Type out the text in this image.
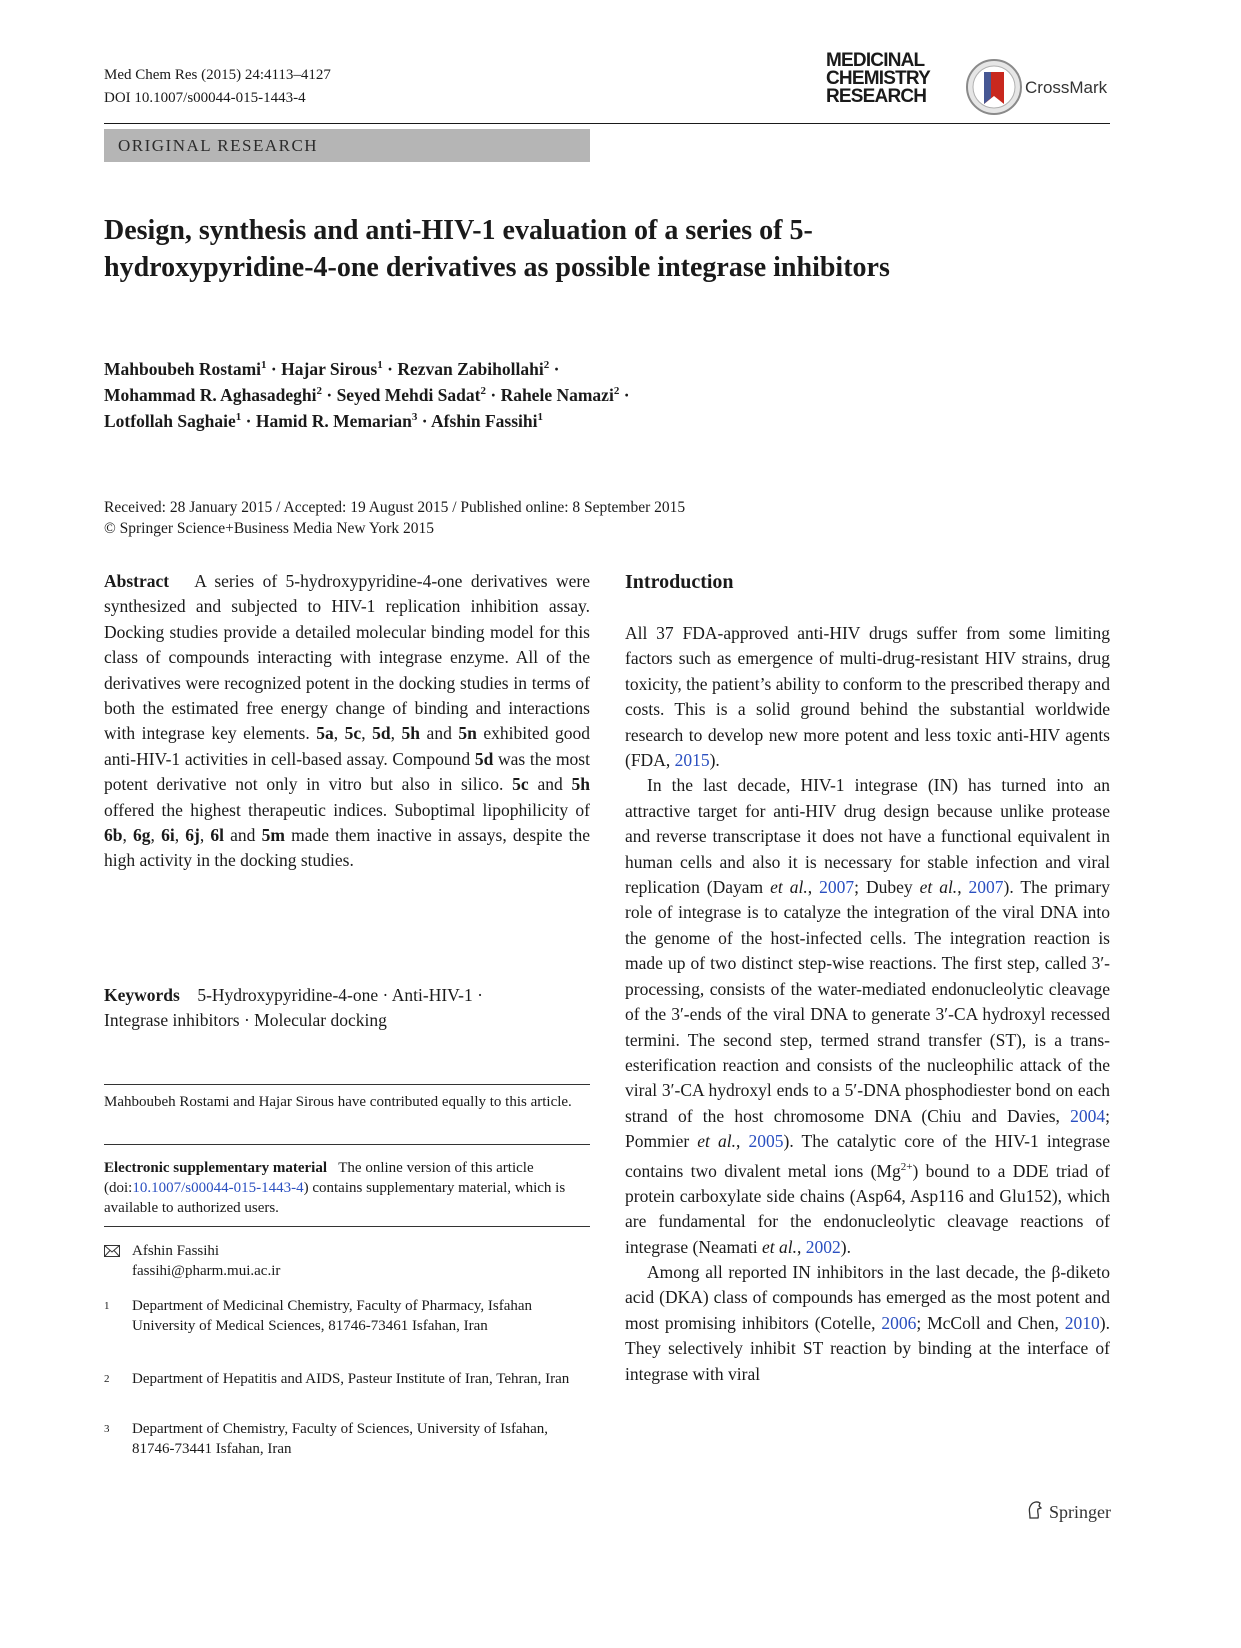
Med Chem Res (2015) 24:4113–4127
DOI 10.1007/s00044-015-1443-4
MEDICINAL
CHEMISTRY
RESEARCH	CrossMark
ORIGINAL RESEARCH
Design, synthesis and anti-HIV-1 evaluation of a series of 5-hydroxypyridine-4-one derivatives as possible integrase inhibitors
Mahboubeh Rostami$^1$ · Hajar Sirous$^1$ · Rezvan Zabihollahi$^2$ ·
Mohammad R. Aghasadeghi$^2$ · Seyed Mehdi Sadat$^2$ · Rahele Namazi$^2$ ·
Lotfollah Saghaie$^1$ · Hamid R. Memarian$^3$ · Afshin Fassihi$^1$
Received: 28 January 2015 / Accepted: 19 August 2015 / Published online: 8 September 2015
© Springer Science+Business Media New York 2015

Abstract A series of 5-hydroxypyridine-4-one derivatives were synthesized and subjected to HIV-1 replication inhibition assay. Docking studies provide a detailed molecular binding model for this class of compounds interacting with integrase enzyme. All of the derivatives were recognized potent in the docking studies in terms of both the estimated free energy change of binding and interactions with integrase key elements. 5a, 5c, 5d, 5h and 5n exhibited good anti-HIV-1 activities in cell-based assay. Compound 5d was the most potent derivative not only in vitro but also in silico. 5c and 5h offered the highest therapeutic indices. Suboptimal lipophilicity of 6b, 6g, 6i, 6j, 6l and 5m made them inactive in assays, despite the high activity in the docking studies.

Keywords 5-Hydroxypyridine-4-one · Anti-HIV-1 ·
Integrase inhibitors · Molecular docking
Mahboubeh Rostami and Hajar Sirous have contributed equally to this article.
Electronic supplementary material The online version of this article (doi:10.1007/s00044-015-1443-4) contains supplementary material, which is available to authorized users.
Afshin Fassihi
fassihi@pharm.mui.ac.ir
1	Department of Medicinal Chemistry, Faculty of Pharmacy, Isfahan University of Medical Sciences, 81746-73461 Isfahan, Iran
2	Department of Hepatitis and AIDS, Pasteur Institute of Iran, Tehran, Iran
3	Department of Chemistry, Faculty of Sciences, University of Isfahan, 81746-73441 Isfahan, Iran
Introduction

All 37 FDA-approved anti-HIV drugs suffer from some limiting factors such as emergence of multi-drug-resistant HIV strains, drug toxicity, the patient’s ability to conform to the prescribed therapy and costs. This is a solid ground behind the substantial worldwide research to develop new more potent and less toxic anti-HIV agents (FDA, 2015).

In the last decade, HIV-1 integrase (IN) has turned into an attractive target for anti-HIV drug design because unlike protease and reverse transcriptase it does not have a functional equivalent in human cells and also it is necessary for stable infection and viral replication (Dayam et al., 2007; Dubey et al., 2007). The primary role of integrase is to catalyze the integration of the viral DNA into the genome of the host-infected cells. The integration reaction is made up of two distinct step-wise reactions. The first step, called 3′-processing, consists of the water-mediated endonucleolytic cleavage of the 3′-ends of the viral DNA to generate 3′-CA hydroxyl recessed termini. The second step, termed strand transfer (ST), is a trans-esterification reaction and consists of the nucleophilic attack of the viral 3′-CA hydroxyl ends to a 5′-DNA phosphodiester bond on each strand of the host chromosome DNA (Chiu and Davies, 2004; Pommier et al., 2005). The catalytic core of the HIV-1 integrase contains two divalent metal ions $(Mg^{2+})$ bound to a DDE triad of protein carboxylate side chains (Asp64, Asp116 and Glu152), which are fundamental for the endonucleolytic cleavage reactions of integrase (Neamati et al., 2002).

Among all reported IN inhibitors in the last decade, the β-diketo acid (DKA) class of compounds has emerged as the most potent and most promising inhibitors (Cotelle, 2006; McColl and Chen, 2010). They selectively inhibit ST reaction by binding at the interface of integrase with viral

Springer
